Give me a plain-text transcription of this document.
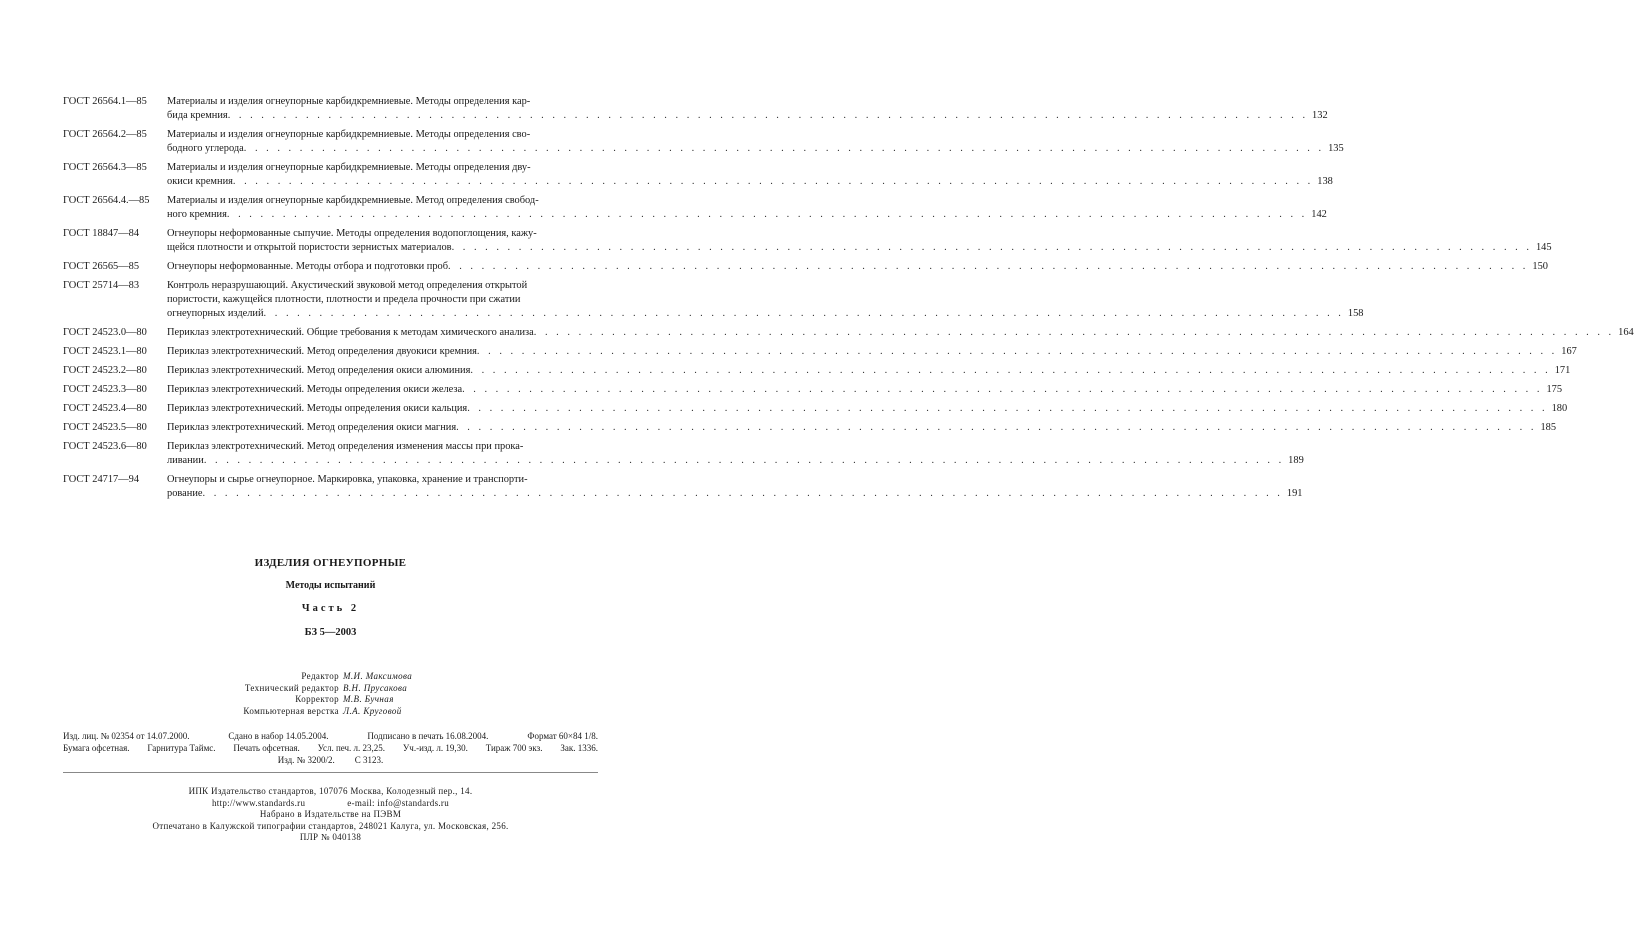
ГОСТ 26564.1—85	Материалы и изделия огнеупорные карбидкремниевые. Методы определения кар-
бида кремния . . .	132
ГОСТ 26564.2—85	Материалы и изделия огнеупорные карбидкремниевые. Методы определения сво-
бодного углерода . . .	135
ГОСТ 26564.3—85	Материалы и изделия огнеупорные карбидкремниевые. Методы определения дву-
окиси кремния . . .	138
ГОСТ 26564.4.—85	Материалы и изделия огнеупорные карбидкремниевые. Метод определения свобод-
ного кремния . . .	142
ГОСТ 18847—84	Огнеупоры неформованные сыпучие. Методы определения водопоглощения, кажу-
щейся плотности и открытой пористости зернистых материалов . . .	145
ГОСТ 26565—85	Огнеупоры неформованные. Методы отбора и подготовки проб . . .	150
ГОСТ 25714—83	Контроль неразрушающий. Акустический звуковой метод определения открытой
пористости, кажущейся плотности, плотности и предела прочности при сжатии
огнеупорных изделий . . .	158
ГОСТ 24523.0—80	Периклаз электротехнический. Общие требования к методам химического анализа . . .	164
ГОСТ 24523.1—80	Периклаз электротехнический. Метод определения двуокиси кремния . . .	167
ГОСТ 24523.2—80	Периклаз электротехнический. Метод определения окиси алюминия . . .	171
ГОСТ 24523.3—80	Периклаз электротехнический. Методы определения окиси железа . . .	175
ГОСТ 24523.4—80	Периклаз электротехнический. Методы определения окиси кальция . . .	180
ГОСТ 24523.5—80	Периклаз электротехнический. Метод определения окиси магния . . .	185
ГОСТ 24523.6—80	Периклаз электротехнический. Метод определения изменения массы при прока-
ливании . . .	189
ГОСТ 24717—94	Огнеупоры и сырье огнеупорное. Маркировка, упаковка, хранение и транспорти-
рование . . .	191
ИЗДЕЛИЯ ОГНЕУПОРНЫЕ
Методы испытаний
Часть 2
БЗ 5—2003
Редактор М.И. Максимова
Технический редактор В.Н. Прусакова
Корректор М.В. Бучная
Компьютерная верстка Л.А. Круговой
Изд. лиц. № 02354 от 14.07.2000.	Сдано в набор 14.05.2004.	Подписано в печать 16.08.2004.	Формат 60×84 1/8.
Бумага офсетная. Гарнитура Таймс. Печать офсетная. Усл. печ. л. 23,25. Уч.-изд. л. 19,30. Тираж 700 экз. Зак. 1336.
Изд. № 3200/2. С 3123.
ИПК Издательство стандартов, 107076 Москва, Колодезный пер., 14.
http://www.standards.ru	e-mail: info@standards.ru
Набрано в Издательстве на ПЭВМ
Отпечатано в Калужской типографии стандартов, 248021 Калуга, ул. Московская, 256.
ПЛР № 040138
